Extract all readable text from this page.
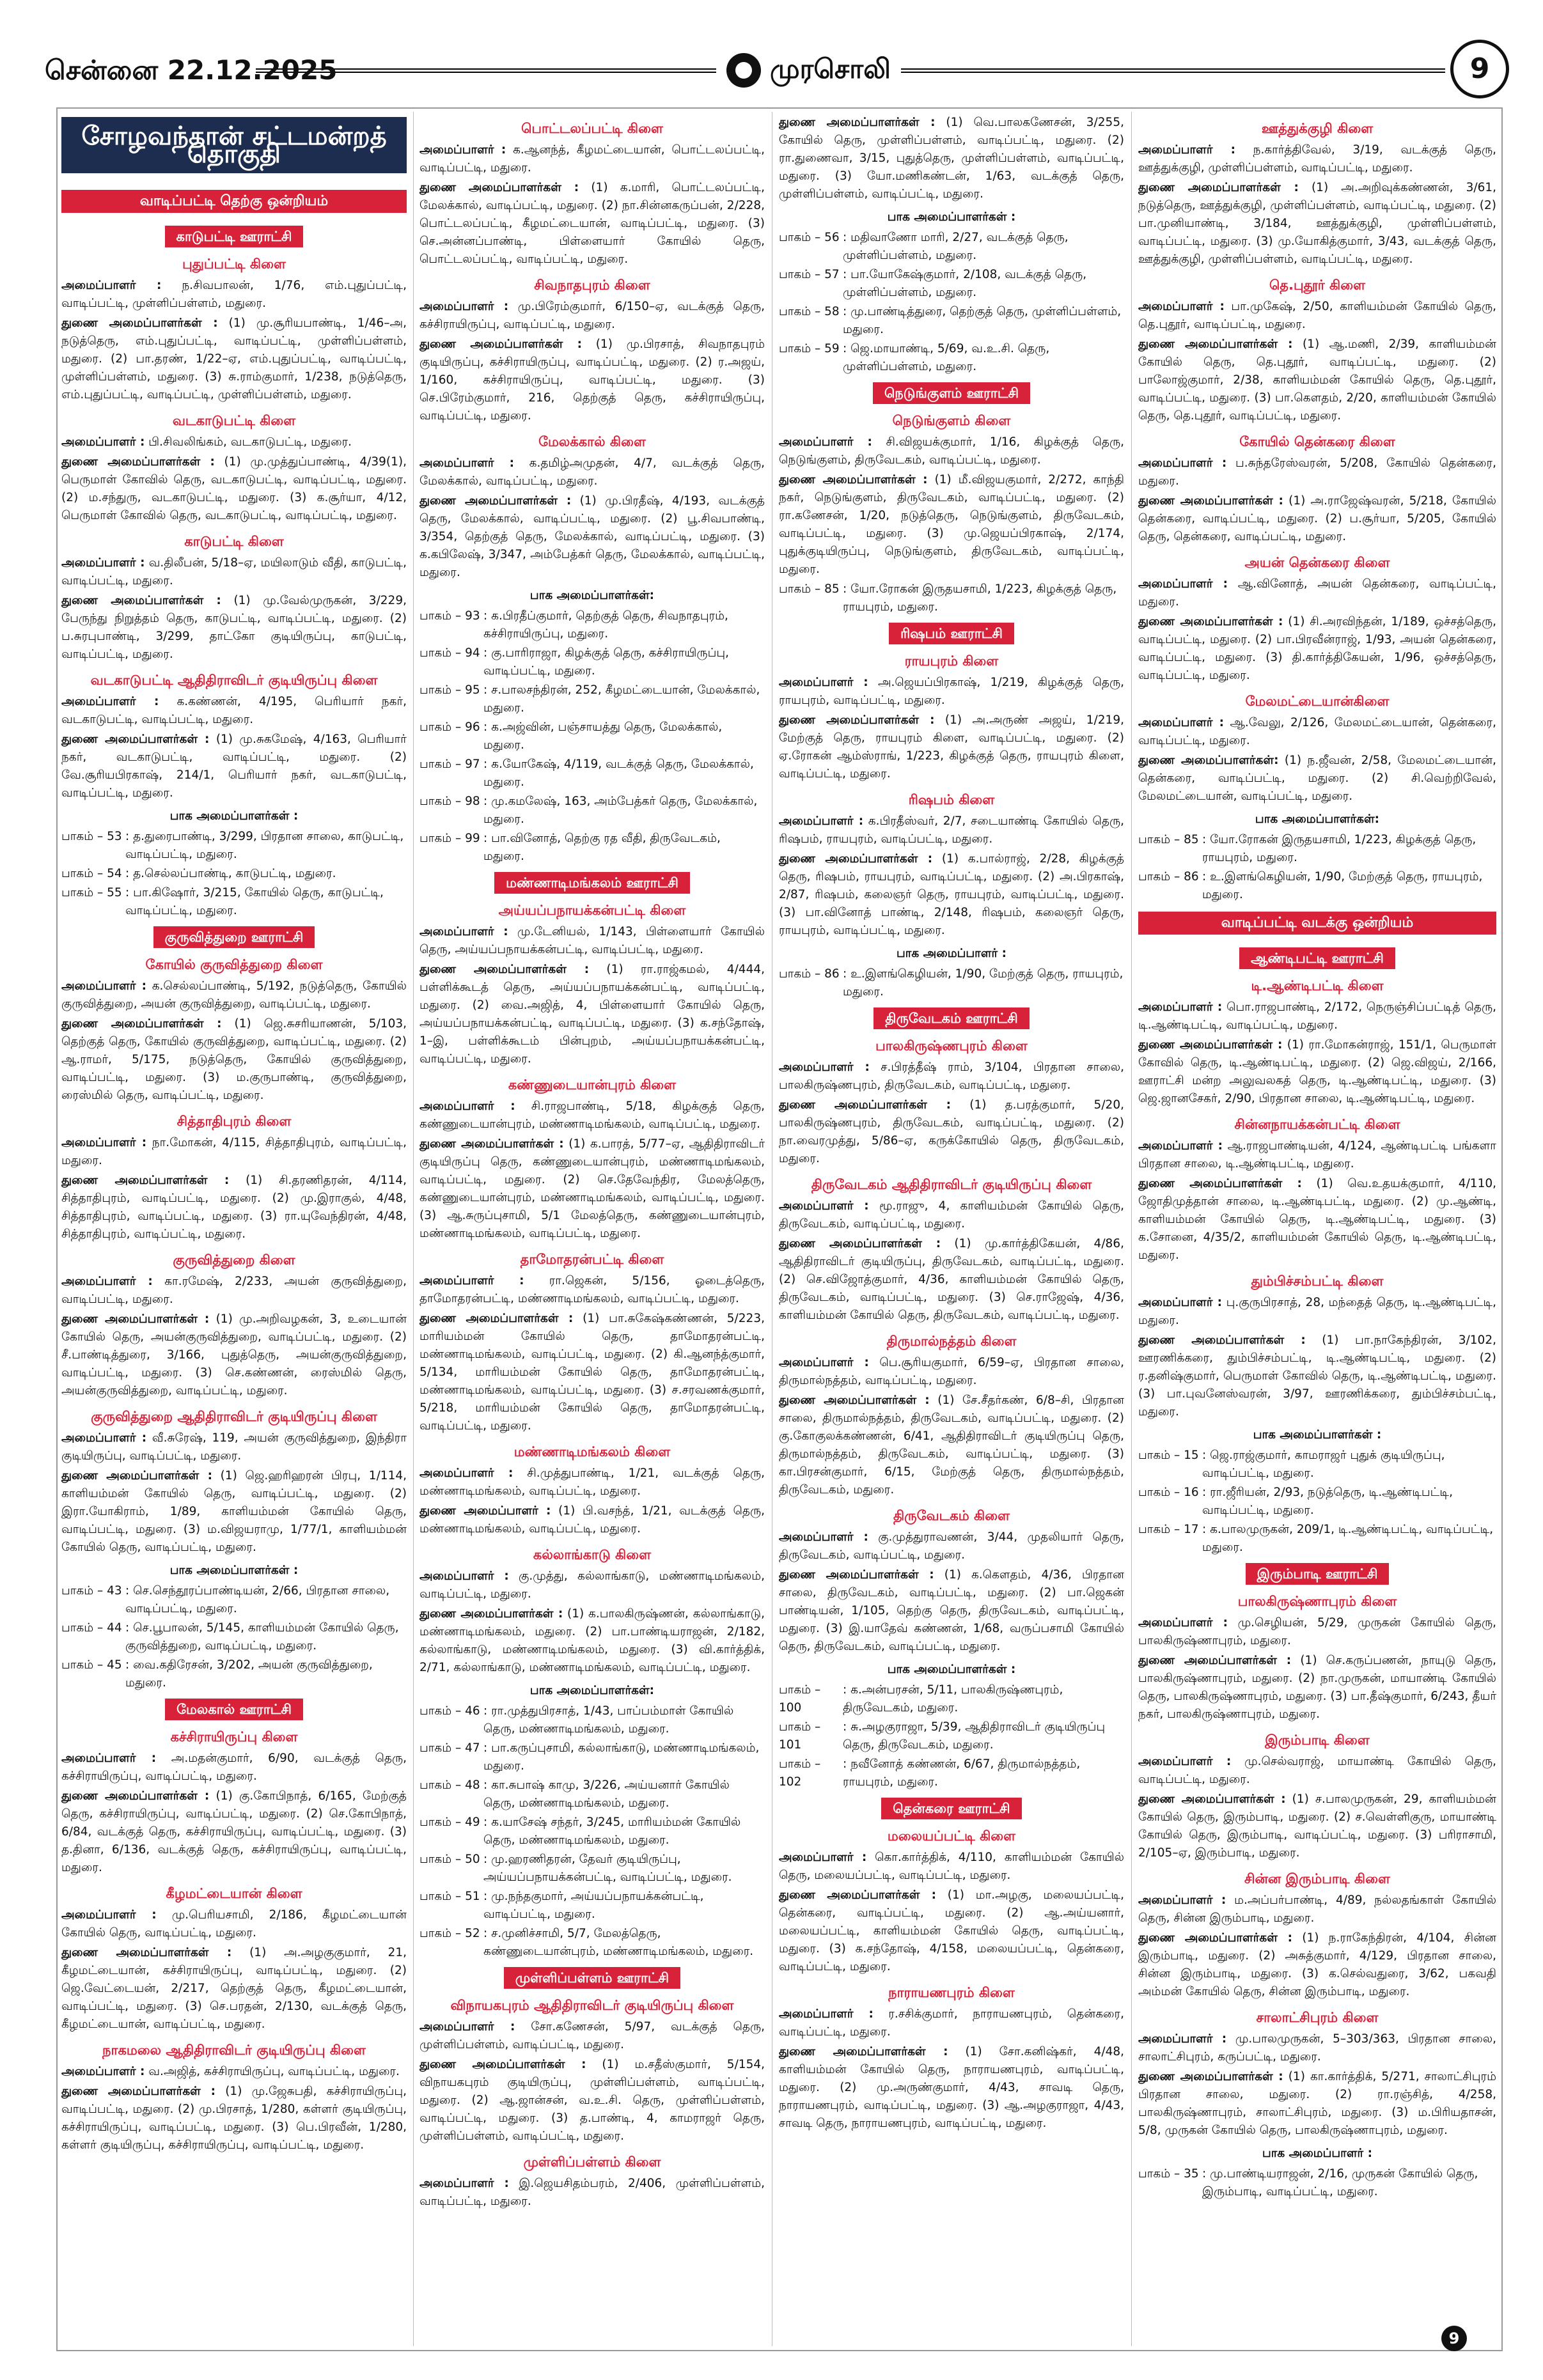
சென்னை 22.12.2025	முரசொலி	9
சோழவந்தான் சட்டமன்றத் தொகுதி
வாடிப்பட்டி தெற்கு ஒன்றியம்
காடுபட்டி ஊராட்சி
புதுப்பட்டி கிளை
அமைப்பாளர் : ந.சிவபாலன், 1/76, எம்.புதுப்பட்டி, வாடிப்பட்டி, முள்ளிப்பள்ளம், மதுரை.
துணை அமைப்பாளர்கள் : (1) மு.சூரியபாண்டி, 1/46–அ, நடுத்தெரு, எம்.புதுப்பட்டி, வாடிப்பட்டி, முள்ளிப்பள்ளம், மதுரை. (2) பா.தரண், 1/22–ஏ, எம்.புதுப்பட்டி, வாடிப்பட்டி, முள்ளிப்பள்ளம், மதுரை. (3) சு.ராம்குமார், 1/238, நடுத்தெரு, எம்.புதுப்பட்டி, வாடிப்பட்டி, முள்ளிப்பள்ளம், மதுரை.
வடகாடுபட்டி கிளை
அமைப்பாளர் : பி.சிவலிங்கம், வடகாடுபட்டி, மதுரை.
துணை அமைப்பாளர்கள் : (1) மு.முத்துப்பாண்டி, 4/39(1), பெருமாள் கோவில் தெரு, வடகாடுபட்டி, வாடிப்பட்டி, மதுரை. (2) ம.சந்துரு, வடகாடுபட்டி, மதுரை. (3) க.சூர்யா, 4/12, பெருமாள் கோவில் தெரு, வடகாடுபட்டி, வாடிப்பட்டி, மதுரை.
காடுபட்டி கிளை
அமைப்பாளர் : வ.திலீபன், 5/18–ஏ, மயிலாடும் வீதி, காடுபட்டி, வாடிப்பட்டி, மதுரை.
துணை அமைப்பாளர்கள் : (1) மு.வேல்முருகன், 3/229, பேருந்து நிறுத்தம் தெரு, காடுபட்டி, வாடிப்பட்டி, மதுரை. (2) ப.சுரபுபாண்டி, 3/299, தாட்கோ குடியிருப்பு, காடுபட்டி, வாடிப்பட்டி, மதுரை.
வடகாடுபட்டி ஆதிதிராவிடர் குடியிருப்பு கிளை
அமைப்பாளர் : க.கண்ணன், 4/195, பெரியார் நகர், வடகாடுபட்டி, வாடிப்பட்டி, மதுரை.
துணை அமைப்பாளர்கள் : (1) மு.சுகமேஷ், 4/163, பெரியார் நகர், வடகாடுபட்டி, வாடிப்பட்டி, மதுரை. (2) வே.சூரியபிரகாஷ், 214/1, பெரியார் நகர், வடகாடுபட்டி, வாடிப்பட்டி, மதுரை.
பாக அமைப்பாளர்கள் :
பாகம் – 53 : த.துரைபாண்டி, 3/299, பிரதான சாலை, காடுபட்டி, வாடிப்பட்டி, மதுரை.
பாகம் – 54 : த.செல்லப்பாண்டி, காடுபட்டி, மதுரை.
பாகம் – 55 : பா.கிஷோர், 3/215, கோயில் தெரு, காடுபட்டி, வாடிப்பட்டி, மதுரை.
குருவித்துறை ஊராட்சி
கோயில் குருவித்துறை கிளை
அமைப்பாளர் : க.செல்லப்பாண்டி, 5/192, நடுத்தெரு, கோயில் குருவித்துறை, அயன் குருவித்துறை, வாடிப்பட்டி, மதுரை.
துணை அமைப்பாளர்கள் : (1) ஜெ.சுசரியாணன், 5/103, தெற்குத் தெரு, கோயில் குருவித்துறை, வாடிப்பட்டி, மதுரை. (2) ஆ.ராமர், 5/175, நடுத்தெரு, கோயில் குருவித்துறை, வாடிப்பட்டி, மதுரை. (3) ம.குருபாண்டி, குருவித்துறை, ரைஸ்மில் தெரு, வாடிப்பட்டி, மதுரை.
சித்தாதிபுரம் கிளை
அமைப்பாளர் : நா.மோகன், 4/115, சித்தாதிபுரம், வாடிப்பட்டி, மதுரை.
துணை அமைப்பாளர்கள் : (1) சி.தரணிதரன், 4/114, சித்தாதிபுரம், வாடிப்பட்டி, மதுரை. (2) மு.இராகுல், 4/48, சித்தாதிபுரம், வாடிப்பட்டி, மதுரை. (3) ரா.யுவேந்திரன், 4/48, சித்தாதிபுரம், வாடிப்பட்டி, மதுரை.
குருவித்துறை கிளை
அமைப்பாளர் : கா.ரமேஷ், 2/233, அயன் குருவித்துறை, வாடிப்பட்டி, மதுரை.
துணை அமைப்பாளர்கள் : (1) மு.அறிவழகன், 3, உடையான் கோயில் தெரு, அயன்குருவித்துறை, வாடிப்பட்டி, மதுரை. (2) சீ.பாண்டித்துரை, 3/166, புதுத்தெரு, அயன்குருவித்துறை, வாடிப்பட்டி, மதுரை. (3) செ.கண்ணன், ரைஸ்மில் தெரு, அயன்குருவித்துறை, வாடிப்பட்டி, மதுரை.
குருவித்துறை ஆதிதிராவிடர் குடியிருப்பு கிளை
அமைப்பாளர் : வீ.சுரேஷ், 119, அயன் குருவித்துறை, இந்திரா குடியிருப்பு, வாடிப்பட்டி, மதுரை.
துணை அமைப்பாளர்கள் : (1) ஜெ.ஹரிஹரன் பிரபு, 1/114, காளியம்மன் கோயில் தெரு, வாடிப்பட்டி, மதுரை. (2) இரா.யோகிராம், 1/89, காளியம்மன் கோயில் தெரு, வாடிப்பட்டி, மதுரை. (3) ம.விஜயராமு, 1/77/1, காளியம்மன் கோயில் தெரு, வாடிப்பட்டி, மதுரை.
பாக அமைப்பாளர்கள் :
பாகம் – 43 : செ.செந்தூரப்பாண்டியன், 2/66, பிரதான சாலை, வாடிப்பட்டி, மதுரை.
பாகம் – 44 : செ.பூபாலன், 5/145, காளியம்மன் கோயில் தெரு, குருவித்துறை, வாடிப்பட்டி, மதுரை.
பாகம் – 45 : வை.கதிரேசன், 3/202, அயன் குருவித்துறை, மதுரை.
மேலகால் ஊராட்சி
கச்சிராயிருப்பு கிளை
அமைப்பாளர் : அ.மதன்குமார், 6/90, வடக்குத் தெரு, கச்சிராயிருப்பு, வாடிப்பட்டி, மதுரை.
துணை அமைப்பாளர்கள் : (1) கு.கோபிநாத், 6/165, மேற்குத் தெரு, கச்சிராயிருப்பு, வாடிப்பட்டி, மதுரை. (2) செ.கோபிநாத், 6/84, வடக்குத் தெரு, கச்சிராயிருப்பு, வாடிப்பட்டி, மதுரை. (3) த.தினா, 6/136, வடக்குத் தெரு, கச்சிராயிருப்பு, வாடிப்பட்டி, மதுரை.
கீழமட்டையான் கிளை
அமைப்பாளர் : மு.பெரியசாமி, 2/186, கீழமட்டையான் கோயில் தெரு, வாடிப்பட்டி, மதுரை.
துணை அமைப்பாளர்கள் : (1) அ.அழகுகுமார், 21, கீழமட்டையான், கச்சிராயிருப்பு, வாடிப்பட்டி, மதுரை. (2) ஜெ.வேட்டையன், 2/217, தெற்குத் தெரு, கீழமட்டையான், வாடிப்பட்டி, மதுரை. (3) செ.பரதன், 2/130, வடக்குத் தெரு, கீழமட்டையான், வாடிப்பட்டி, மதுரை.
நாகமலை ஆதிதிராவிடர் குடியிருப்பு கிளை
அமைப்பாளர் : வ.அஜித், கச்சிராயிருப்பு, வாடிப்பட்டி, மதுரை.
துணை அமைப்பாளர்கள் : (1) மு.ஜேசுபதி, கச்சிராயிருப்பு, வாடிப்பட்டி, மதுரை. (2) மு.பிரசாத், 1/280, கள்ளர் குடியிருப்பு, கச்சிராயிருப்பு, வாடிப்பட்டி, மதுரை. (3) பெ.பிரவீன், 1/280, கள்ளர் குடியிருப்பு, கச்சிராயிருப்பு, வாடிப்பட்டி, மதுரை.
பொட்டலப்பட்டி கிளை
அமைப்பாளர் : க.ஆனந்த், கீழமட்டையான், பொட்டலப்பட்டி, வாடிப்பட்டி, மதுரை.
துணை அமைப்பாளர்கள் : (1) க.மாரி, பொட்டலப்பட்டி, மேலக்கால், வாடிப்பட்டி, மதுரை. (2) நா.சின்னகருப்பன், 2/228, பொட்டலப்பட்டி, கீழமட்டையான், வாடிப்பட்டி, மதுரை. (3) செ.அன்னப்பாண்டி, பிள்ளையார் கோயில் தெரு, பொட்டலப்பட்டி, வாடிப்பட்டி, மதுரை.
சிவநாதபுரம் கிளை
அமைப்பாளர் : மு.பிரேம்குமார், 6/150–ஏ, வடக்குத் தெரு, கச்சிராயிருப்பு, வாடிப்பட்டி, மதுரை.
துணை அமைப்பாளர்கள் : (1) மு.பிரசாத், சிவநாதபுரம் குடியிருப்பு, கச்சிராயிருப்பு, வாடிப்பட்டி, மதுரை. (2) ர.அஜய், 1/160, கச்சிராயிருப்பு, வாடிப்பட்டி, மதுரை. (3) செ.பிரேம்குமார், 216, தெற்குத் தெரு, கச்சிராயிருப்பு, வாடிப்பட்டி, மதுரை.
மேலக்கால் கிளை
அமைப்பாளர் : க.தமிழ்அமுதன், 4/7, வடக்குத் தெரு, மேலக்கால், வாடிப்பட்டி, மதுரை.
துணை அமைப்பாளர்கள் : (1) மு.பிரதீஷ், 4/193, வடக்குத் தெரு, மேலக்கால், வாடிப்பட்டி, மதுரை. (2) பூ.சிவபாண்டி, 3/354, தெற்குத் தெரு, மேலக்கால், வாடிப்பட்டி, மதுரை. (3) க.கபிலேஷ், 3/347, அம்பேத்கர் தெரு, மேலக்கால், வாடிப்பட்டி, மதுரை.
பாக அமைப்பாளர்கள்:
பாகம் – 93 : க.பிரதீப்குமார், தெற்குத் தெரு, சிவநாதபுரம், கச்சிராயிருப்பு, மதுரை.
பாகம் – 94 : கு.பாரிராஜா, கிழக்குத் தெரு, கச்சிராயிருப்பு, வாடிப்பட்டி, மதுரை.
பாகம் – 95 : ச.பாலசந்திரன், 252, கீழமட்டையான், மேலக்கால், மதுரை.
பாகம் – 96 : க.அஜ்வின், பஞ்சாயத்து தெரு, மேலக்கால், மதுரை.
பாகம் – 97 : க.யோகேஷ், 4/119, வடக்குத் தெரு, மேலக்கால், மதுரை.
பாகம் – 98 : மு.கமலேஷ், 163, அம்பேத்கர் தெரு, மேலக்கால், மதுரை.
பாகம் – 99 : பா.வினோத், தெற்கு ரத வீதி, திருவேடகம், மதுரை.
மண்ணாடிமங்கலம் ஊராட்சி
அய்யப்பநாயக்கன்பட்டி கிளை
அமைப்பாளர் : மு.டேனியல், 1/143, பிள்ளையார் கோயில் தெரு, அய்யப்பநாயக்கன்பட்டி, வாடிப்பட்டி, மதுரை.
துணை அமைப்பாளர்கள் : (1) ரா.ராஜ்கமல், 4/444, பள்ளிக்கூடத் தெரு, அய்யப்பநாயக்கன்பட்டி, வாடிப்பட்டி, மதுரை. (2) வை.அஜித், 4, பிள்ளையார் கோயில் தெரு, அய்யப்பநாயக்கன்பட்டி, வாடிப்பட்டி, மதுரை. (3) க.சந்தோஷ், 1–இ, பள்ளிக்கூடம் பின்புறம், அய்யப்பநாயக்கன்பட்டி, வாடிப்பட்டி, மதுரை.
கண்ணுடையான்புரம் கிளை
அமைப்பாளர் : சி.ராஜபாண்டி, 5/18, கிழக்குத் தெரு, கண்ணுடையான்புரம், மண்ணாடிமங்கலம், வாடிப்பட்டி, மதுரை.
துணை அமைப்பாளர்கள் : (1) க.பாரத், 5/77–ஏ, ஆதிதிராவிடர் குடியிருப்பு தெரு, கண்ணுடையான்புரம், மண்ணாடிமங்கலம், வாடிப்பட்டி, மதுரை. (2) செ.தேவேந்திர, மேலத்தெரு, கண்ணுடையான்புரம், மண்ணாடிமங்கலம், வாடிப்பட்டி, மதுரை. (3) ஆ.சுருப்புசாமி, 5/1 மேலத்தெரு, கண்ணுடையான்புரம், மண்ணாடிமங்கலம், வாடிப்பட்டி, மதுரை.
தாமோதரன்பட்டி கிளை
அமைப்பாளர் : ரா.ஜெகன், 5/156, ஓடைத்தெரு, தாமோதரன்பட்டி, மண்ணாடிமங்கலம், வாடிப்பட்டி, மதுரை.
துணை அமைப்பாளர்கள் : (1) பா.சுகேஷ்கண்ணன், 5/223, மாரியம்மன் கோயில் தெரு, தாமோதரன்பட்டி, மண்ணாடிமங்கலம், வாடிப்பட்டி, மதுரை. (2) கி.ஆனந்த்குமார், 5/134, மாரியம்மன் கோயில் தெரு, தாமோதரன்பட்டி, மண்ணாடிமங்கலம், வாடிப்பட்டி, மதுரை. (3) ச.சரவணக்குமார், 5/218, மாரியம்மன் கோயில் தெரு, தாமோதரன்பட்டி, வாடிப்பட்டி, மதுரை.
மண்ணாடிமங்கலம் கிளை
அமைப்பாளர் : சி.முத்துபாண்டி, 1/21, வடக்குத் தெரு, மண்ணாடிமங்கலம், வாடிப்பட்டி, மதுரை.
துணை அமைப்பாளர் : (1) பி.வசந்த், 1/21, வடக்குத் தெரு, மண்ணாடிமங்கலம், வாடிப்பட்டி, மதுரை.
கல்லாங்காடு கிளை
அமைப்பாளர் : கு.முத்து, கல்லாங்காடு, மண்ணாடிமங்கலம், வாடிப்பட்டி, மதுரை.
துணை அமைப்பாளர்கள் : (1) க.பாலகிருஷ்ணன், கல்லாங்காடு, மண்ணாடிமங்கலம், மதுரை. (2) பா.பாண்டியராஜன், 2/182, கல்லாங்காடு, மண்ணாடிமங்கலம், மதுரை. (3) வி.கார்த்திக், 2/71, கல்லாங்காடு, மண்ணாடிமங்கலம், வாடிப்பட்டி, மதுரை.
பாக அமைப்பாளர்கள்:
பாகம் – 46 : ரா.முத்துபிரசாத், 1/43, பாப்பம்மாள் கோயில் தெரு, மண்ணாடிமங்கலம், மதுரை.
பாகம் – 47 : பா.கருப்புசாமி, கல்லாங்காடு, மண்ணாடிமங்கலம், மதுரை.
பாகம் – 48 : கா.சுபாஷ் காமு, 3/226, அய்யனார் கோயில் தெரு, மண்ணாடிமங்கலம், மதுரை.
பாகம் – 49 : க.யாசேஷ் சந்தர், 3/245, மாரியம்மன் கோயில் தெரு, மண்ணாடிமங்கலம், மதுரை.
பாகம் – 50 : மு.ஹரணிதரன், தேவர் குடியிருப்பு, அய்யப்பநாயக்கன்பட்டி, வாடிப்பட்டி, மதுரை.
பாகம் – 51 : மு.நந்தகுமார், அய்யப்பநாயக்கன்பட்டி, வாடிப்பட்டி, மதுரை.
பாகம் – 52 : ச.முனிச்சாமி, 5/7, மேலத்தெரு, கண்ணுடையான்புரம், மண்ணாடிமங்கலம், மதுரை.
முள்ளிப்பள்ளம் ஊராட்சி
விநாயகபுரம் ஆதிதிராவிடர் குடியிருப்பு கிளை
அமைப்பாளர் : சோ.கணேசன், 5/97, வடக்குத் தெரு, முள்ளிப்பள்ளம், வாடிப்பட்டி, மதுரை.
துணை அமைப்பாளர்கள் : (1) ம.சதீஸ்குமார், 5/154, விநாயகபுரம் குடியிருப்பு, முள்ளிப்பள்ளம், வாடிப்பட்டி, மதுரை. (2) ஆ.ஜான்சன், வ.உ.சி. தெரு, முள்ளிப்பள்ளம், வாடிப்பட்டி, மதுரை. (3) த.பாண்டி, 4, காமராஜர் தெரு, முள்ளிப்பள்ளம், வாடிப்பட்டி, மதுரை.
முள்ளிப்பள்ளம் கிளை
அமைப்பாளர் : இ.ஜெயசிதம்பரம், 2/406, முள்ளிப்பள்ளம், வாடிப்பட்டி, மதுரை.
துணை அமைப்பாளர்கள் : (1) வெ.பாலகணேசன், 3/255, கோயில் தெரு, முள்ளிப்பள்ளம், வாடிப்பட்டி, மதுரை. (2) ரா.துணைவா, 3/15, புதுத்தெரு, முள்ளிப்பள்ளம், வாடிப்பட்டி, மதுரை. (3) யோ.மணிகண்டன், 1/63, வடக்குத் தெரு, முள்ளிப்பள்ளம், வாடிப்பட்டி, மதுரை.
பாக அமைப்பாளர்கள் :
பாகம் – 56 : மதிவாணோ மாரி, 2/27, வடக்குத் தெரு, முள்ளிப்பள்ளம், மதுரை.
பாகம் – 57 : பா.யோகேஷ்குமார், 2/108, வடக்குத் தெரு, முள்ளிப்பள்ளம், மதுரை.
பாகம் – 58 : மு.பாண்டித்துரை, தெற்குத் தெரு, முள்ளிப்பள்ளம், மதுரை.
பாகம் – 59 : ஜெ.மாயாண்டி, 5/69, வ.உ.சி. தெரு, முள்ளிப்பள்ளம், மதுரை.
நெடுங்குளம் ஊராட்சி
நெடுங்குளம் கிளை
அமைப்பாளர் : சி.விஜயக்குமார், 1/16, கிழக்குத் தெரு, நெடுங்குளம், திருவேடகம், வாடிப்பட்டி, மதுரை.
துணை அமைப்பாளர்கள் : (1) மீ.விஜயகுமார், 2/272, காந்தி நகர், நெடுங்குளம், திருவேடகம், வாடிப்பட்டி, மதுரை. (2) ரா.கணேசன், 1/20, நடுத்தெரு, நெடுங்குளம், திருவேடகம், வாடிப்பட்டி, மதுரை. (3) மு.ஜெயப்பிரகாஷ், 2/174, புதுக்குடியிருப்பு, நெடுங்குளம், திருவேடகம், வாடிப்பட்டி, மதுரை.
பாகம் – 85 : யோ.ரோகன் இருதயசாமி, 1/223, கிழக்குத் தெரு, ராயபுரம், மதுரை.
ரிஷபம் ஊராட்சி
ராயபுரம் கிளை
அமைப்பாளர் : அ.ஜெயப்பிரகாஷ், 1/219, கிழக்குத் தெரு, ராயபுரம், வாடிப்பட்டி, மதுரை.
துணை அமைப்பாளர்கள் : (1) அ.அருண் அஜய், 1/219, மேற்குத் தெரு, ராயபுரம் கிளை, வாடிப்பட்டி, மதுரை. (2) ஏ.ரோகன் ஆம்ஸ்ராங், 1/223, கிழக்குத் தெரு, ராயபுரம் கிளை, வாடிப்பட்டி, மதுரை.
ரிஷபம் கிளை
அமைப்பாளர் : க.பிரதீஸ்வர், 2/7, சடையாண்டி கோயில் தெரு, ரிஷபம், ராயபுரம், வாடிப்பட்டி, மதுரை.
துணை அமைப்பாளர்கள் : (1) க.பால்ராஜ், 2/28, கிழக்குத் தெரு, ரிஷபம், ராயபுரம், வாடிப்பட்டி, மதுரை. (2) அ.பிரகாஷ், 2/87, ரிஷபம், கலைஞர் தெரு, ராயபுரம், வாடிப்பட்டி, மதுரை. (3) பா.வினோத் பாண்டி, 2/148, ரிஷபம், கலைஞர் தெரு, ராயபுரம், வாடிப்பட்டி, மதுரை.
பாக அமைப்பாளர் :
பாகம் – 86 : உ.இளங்கெழியன், 1/90, மேற்குத் தெரு, ராயபுரம், மதுரை.
திருவேடகம் ஊராட்சி
பாலகிருஷ்ணபுரம் கிளை
அமைப்பாளர் : ச.பிரத்தீஷ் ராம், 3/104, பிரதான சாலை, பாலகிருஷ்ணபுரம், திருவேடகம், வாடிப்பட்டி, மதுரை.
துணை அமைப்பாளர்கள் : (1) த.பரத்குமார், 5/20, பாலகிருஷ்ணபுரம், திருவேடகம், வாடிப்பட்டி, மதுரை. (2) நா.வைரமுத்து, 5/86–ஏ, கருக்கோயில் தெரு, திருவேடகம், மதுரை.
திருவேடகம் ஆதிதிராவிடர் குடியிருப்பு கிளை
அமைப்பாளர் : மூ.ராஜு, 4, காளியம்மன் கோயில் தெரு, திருவேடகம், வாடிப்பட்டி, மதுரை.
துணை அமைப்பாளர்கள் : (1) மு.கார்த்திகேயன், 4/86, ஆதிதிராவிடர் குடியிருப்பு, திருவேடகம், வாடிப்பட்டி, மதுரை. (2) செ.விஜோத்குமார், 4/36, காளியம்மன் கோயில் தெரு, திருவேடகம், வாடிப்பட்டி, மதுரை. (3) செ.ராஜேஷ், 4/36, காளியம்மன் கோயில் தெரு, திருவேடகம், வாடிப்பட்டி, மதுரை.
திருமால்நத்தம் கிளை
அமைப்பாளர் : பெ.சூரியகுமார், 6/59–ஏ, பிரதான சாலை, திருமால்நத்தம், வாடிப்பட்டி, மதுரை.
துணை அமைப்பாளர்கள் : (1) சே.சீதர்கண், 6/8–சி, பிரதான சாலை, திருமால்நத்தம், திருவேடகம், வாடிப்பட்டி, மதுரை. (2) கு.கோகுலக்கண்ணன், 6/41, ஆதிதிராவிடர் குடியிருப்பு தெரு, திருமால்நத்தம், திருவேடகம், வாடிப்பட்டி, மதுரை. (3) கா.பிரசன்குமார், 6/15, மேற்குத் தெரு, திருமால்நத்தம், திருவேடகம், மதுரை.
திருவேடகம் கிளை
அமைப்பாளர் : கு.முத்துராவணன், 3/44, முதலியார் தெரு, திருவேடகம், வாடிப்பட்டி, மதுரை.
துணை அமைப்பாளர்கள் : (1) க.கௌதம், 4/36, பிரதான சாலை, திருவேடகம், வாடிப்பட்டி, மதுரை. (2) பா.ஜெகன் பாண்டியன், 1/105, தெற்கு தெரு, திருவேடகம், வாடிப்பட்டி, மதுரை. (3) இ.யாதேவ் கண்ணன், 1/68, வருப்பசாமி கோயில் தெரு, திருவேடகம், வாடிப்பட்டி, மதுரை.
பாக அமைப்பாளர்கள் :
பாகம் – 100
: க.அன்பரசன், 5/11, பாலகிருஷ்ணபுரம், திருவேடகம், மதுரை.
பாகம் – 101
: சு.அழகுராஜா, 5/39, ஆதிதிராவிடர் குடியிருப்பு தெரு, திருவேடகம், மதுரை.
பாகம் – 102
: நவீனோத் கண்ணன், 6/67, திருமால்நத்தம், ராயபுரம், மதுரை.
தென்கரை ஊராட்சி
மலையப்பட்டி கிளை
அமைப்பாளர் : கொ.கார்த்திக், 4/110, காளியம்மன் கோயில் தெரு, மலையப்பட்டி, வாடிப்பட்டி, மதுரை.
துணை அமைப்பாளர்கள் : (1) மா.அழகு, மலையப்பட்டி, தென்கரை, வாடிப்பட்டி, மதுரை. (2) ஆ.அய்யனார், மலையப்பட்டி, காளியம்மன் கோயில் தெரு, வாடிப்பட்டி, மதுரை. (3) க.சந்தோஷ், 4/158, மலையப்பட்டி, தென்கரை, வாடிப்பட்டி, மதுரை.
நாராயணபுரம் கிளை
அமைப்பாளர் : ர.சசிக்குமார், நாராயணபுரம், தென்கரை, வாடிப்பட்டி, மதுரை.
துணை அமைப்பாளர்கள் : (1) சோ.கனிஷ்கர், 4/48, காளியம்மன் கோயில் தெரு, நாராயணபுரம், வாடிப்பட்டி, மதுரை. (2) மு.அருண்குமார், 4/43, சாவடி தெரு, நாராயணபுரம், வாடிப்பட்டி, மதுரை. (3) ஆ.அழகுராஜா, 4/43, சாவடி தெரு, நாராயணபுரம், வாடிப்பட்டி, மதுரை.
ஊத்துக்குழி கிளை
அமைப்பாளர் : ந.கார்த்திவேல், 3/19, வடக்குத் தெரு, ஊத்துக்குழி, முள்ளிப்பள்ளம், வாடிப்பட்டி, மதுரை.
துணை அமைப்பாளர்கள் : (1) அ.அறிவுக்கண்ணன், 3/61, நடுத்தெரு, ஊத்துக்குழி, முள்ளிப்பள்ளம், வாடிப்பட்டி, மதுரை. (2) பா.முனியாண்டி, 3/184, ஊத்துக்குழி, முள்ளிப்பள்ளம், வாடிப்பட்டி, மதுரை. (3) மு.யோகித்குமார், 3/43, வடக்குத் தெரு, ஊத்துக்குழி, முள்ளிப்பள்ளம், வாடிப்பட்டி, மதுரை.
தெ.புதூர் கிளை
அமைப்பாளர் : பா.முகேஷ், 2/50, காளியம்மன் கோயில் தெரு, தெ.புதூர், வாடிப்பட்டி, மதுரை.
துணை அமைப்பாளர்கள் : (1) ஆ.மணி, 2/39, காளியம்மன் கோயில் தெரு, தெ.புதூர், வாடிப்பட்டி, மதுரை. (2) பாலோஜ்குமார், 2/38, காளியம்மன் கோயில் தெரு, தெ.புதூர், வாடிப்பட்டி, மதுரை. (3) பா.கௌதம், 2/20, காளியம்மன் கோயில் தெரு, தெ.புதூர், வாடிப்பட்டி, மதுரை.
கோயில் தென்கரை கிளை
அமைப்பாளர் : ப.சுந்தரேஸ்வரன், 5/208, கோயில் தென்கரை, மதுரை.
துணை அமைப்பாளர்கள் : (1) அ.ராஜேஷ்வரன், 5/218, கோயில் தென்கரை, வாடிப்பட்டி, மதுரை. (2) ப.சூர்யா, 5/205, கோயில் தெரு, தென்கரை, வாடிப்பட்டி, மதுரை.
அயன் தென்கரை கிளை
அமைப்பாளர் : ஆ.வினோத், அயன் தென்கரை, வாடிப்பட்டி, மதுரை.
துணை அமைப்பாளர்கள் : (1) சி.அரவிந்தன், 1/189, ஒச்சத்தெரு, வாடிப்பட்டி, மதுரை. (2) பா.பிரவீன்ராஜ், 1/93, அயன் தென்கரை, வாடிப்பட்டி, மதுரை. (3) தி.கார்த்திகேயன், 1/96, ஒச்சத்தெரு, வாடிப்பட்டி, மதுரை.
மேலமட்டையான்கிளை
அமைப்பாளர் : ஆ.வேலு, 2/126, மேலமட்டையான், தென்கரை, வாடிப்பட்டி, மதுரை.
துணை அமைப்பாளர்கள்: (1) ந.ஜீவன், 2/58, மேலமட்டையான், தென்கரை, வாடிப்பட்டி, மதுரை. (2) சி.வெற்றிவேல், மேலமட்டையான், வாடிப்பட்டி, மதுரை.
பாக அமைப்பாளர்கள்:
பாகம் – 85 : யோ.ரோகன் இருதயசாமி, 1/223, கிழக்குத் தெரு, ராயபுரம், மதுரை.
பாகம் – 86 : உ.இளங்கெழியன், 1/90, மேற்குத் தெரு, ராயபுரம், மதுரை.
வாடிப்பட்டி வடக்கு ஒன்றியம்
ஆண்டிபட்டி ஊராட்சி
டி.ஆண்டிபட்டி கிளை
அமைப்பாளர் : பொ.ராஜபாண்டி, 2/172, நெருஞ்சிப்பட்டித் தெரு, டி.ஆண்டிபட்டி, வாடிப்பட்டி, மதுரை.
துணை அமைப்பாளர்கள் : (1) ரா.மோகன்ராஜ், 151/1, பெருமாள் கோவில் தெரு, டி.ஆண்டிபட்டி, மதுரை. (2) ஜெ.விஜய், 2/166, ஊராட்சி மன்ற அலுவலகத் தெரு, டி.ஆண்டிபட்டி, மதுரை. (3) ஜெ.ஜானசேகர், 2/90, பிரதான சாலை, டி.ஆண்டிபட்டி, மதுரை.
சின்னநாயக்கன்பட்டி கிளை
அமைப்பாளர் : ஆ.ராஜபாண்டியன், 4/124, ஆண்டிபட்டி பங்களா பிரதான சாலை, டி.ஆண்டிபட்டி, மதுரை.
துணை அமைப்பாளர்கள் : (1) வெ.உதயக்குமார், 4/110, ஜோதிமுத்தான் சாலை, டி.ஆண்டிபட்டி, மதுரை. (2) மு.ஆண்டி, காளியம்மன் கோயில் தெரு, டி.ஆண்டிபட்டி, மதுரை. (3) க.சோனை, 4/35/2, காளியம்மன் கோயில் தெரு, டி.ஆண்டிபட்டி, மதுரை.
தும்பிச்சம்பட்டி கிளை
அமைப்பாளர் : பு.குருபிரசாத், 28, மந்தைத் தெரு, டி.ஆண்டிபட்டி, மதுரை.
துணை அமைப்பாளர்கள் : (1) பா.நாகேந்திரன், 3/102, ஊரணிக்கரை, தும்பிச்சம்பட்டி, டி.ஆண்டிபட்டி, மதுரை. (2) ர.தனிஷ்குமார், பெருமாள் கோவில் தெரு, டி.ஆண்டிபட்டி, மதுரை. (3) பா.புவனேஸ்வரன், 3/97, ஊரணிக்கரை, தும்பிச்சம்பட்டி, மதுரை.
பாக அமைப்பாளர்கள் :
பாகம் – 15 : ஜெ.ராஜ்குமார், காமராஜர் புதுக் குடியிருப்பு, வாடிப்பட்டி, மதுரை.
பாகம் – 16 : ரா.ஜீரியன், 2/93, நடுத்தெரு, டி.ஆண்டிபட்டி, வாடிப்பட்டி, மதுரை.
பாகம் – 17 : க.பாலமுருகன், 209/1, டி.ஆண்டிபட்டி, வாடிப்பட்டி, மதுரை.
இரும்பாடி ஊராட்சி
பாலகிருஷ்ணாபுரம் கிளை
அமைப்பாளர் : மு.செழியன், 5/29, முருகன் கோயில் தெரு, பாலகிருஷ்ணாபுரம், மதுரை.
துணை அமைப்பாளர்கள் : (1) செ.கருப்பணன், நாயுடு தெரு, பாலகிருஷ்ணாபுரம், மதுரை. (2) நா.முருகன், மாயாண்டி கோயில் தெரு, பாலகிருஷ்ணாபுரம், மதுரை. (3) பா.தீஷ்குமார், 6/243, தீயர் நகர், பாலகிருஷ்ணாபுரம், மதுரை.
இரும்பாடி கிளை
அமைப்பாளர் : மு.செல்வராஜ், மாயாண்டி கோயில் தெரு, வாடிப்பட்டி, மதுரை.
துணை அமைப்பாளர்கள் : (1) ச.பாலமுருகன், 29, காளியம்மன் கோயில் தெரு, இரும்பாடி, மதுரை. (2) ச.வெள்ளிகுரு, மாயாண்டி கோயில் தெரு, இரும்பாடி, வாடிப்பட்டி, மதுரை. (3) பரிராசாமி, 2/105–ஏ, இரும்பாடி, மதுரை.
சின்ன இரும்பாடி கிளை
அமைப்பாளர் : ம.அப்பர்பாண்டி, 4/89, நல்லதங்காள் கோயில் தெரு, சின்ன இரும்பாடி, மதுரை.
துணை அமைப்பாளர்கள் : (1) ந.ராகேந்திரன், 4/104, சின்ன இரும்பாடி, மதுரை. (2) அசுத்குமார், 4/129, பிரதான சாலை, சின்ன இரும்பாடி, மதுரை. (3) க.செல்வதுரை, 3/62, பகவதி அம்மன் கோயில் தெரு, சின்ன இரும்பாடி, மதுரை.
சாலாட்சிபுரம் கிளை
அமைப்பாளர் : மு.பாலமுருகன், 5–303/363, பிரதான சாலை, சாலாட்சிபுரம், கருப்பட்டி, மதுரை.
துணை அமைப்பாளர்கள் : (1) கா.கார்த்திக், 5/271, சாலாட்சிபுரம் பிரதான சாலை, மதுரை. (2) ரா.ரஞ்சித், 4/258, பாலகிருஷ்ணாபுரம், சாலாட்சிபுரம், மதுரை. (3) ம.பிரியதாசன், 5/8, முருகன் கோயில் தெரு, பாலகிருஷ்ணாபுரம், மதுரை.
பாக அமைப்பாளர் :
பாகம் – 35 : மு.பாண்டியராஜன், 2/16, முருகன் கோயில் தெரு, இரும்பாடி, வாடிப்பட்டி, மதுரை.
9
